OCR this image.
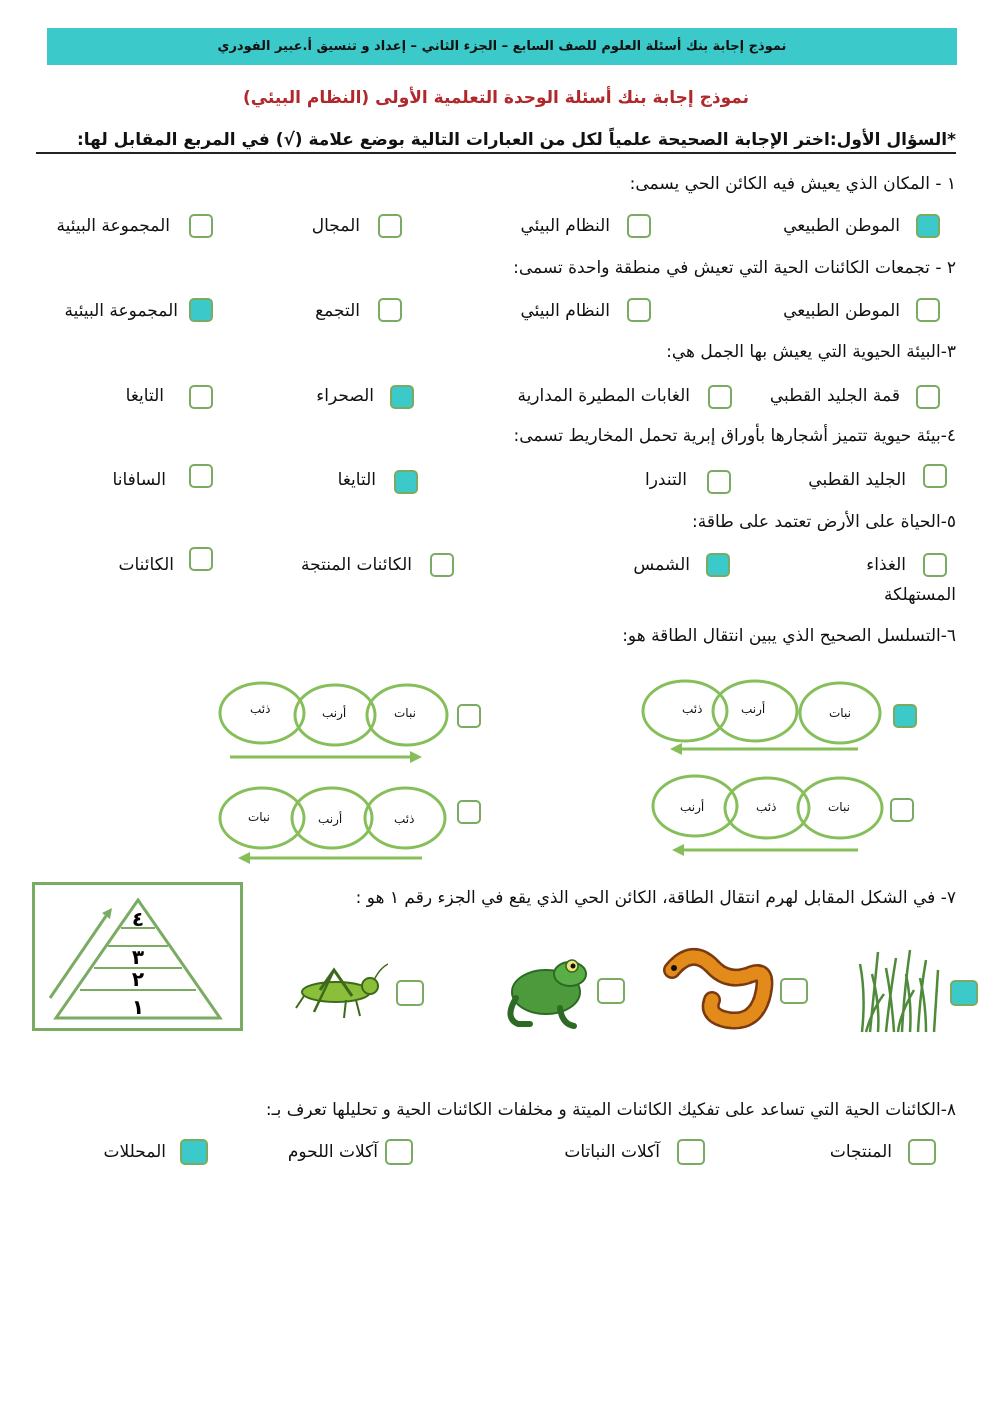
نموذج إجابة بنك أسئلة العلوم للصف السابع – الجزء الثاني – إعداد و تنسيق أ.عبير الفودري
نموذج إجابة بنك أسئلة الوحدة التعلمية الأولى (النظام البيئي)
*السؤال الأول:اختر الإجابة الصحيحة علمياً لكل من العبارات التالية بوضع علامة (√) في المربع المقابل لها:
١ - المكان الذي يعيش فيه الكائن الحي يسمى:
الموطن الطبيعي
النظام البيئي
المجال
المجموعة البيئية
٢ - تجمعات الكائنات الحية التي تعيش في منطقة واحدة تسمى:
الموطن الطبيعي
النظام البيئي
التجمع
المجموعة البيئية
٣-البيئة الحيوية التي يعيش بها الجمل هي:
قمة الجليد القطبي
الغابات المطيرة المدارية
الصحراء
التايغا
٤-بيئة حيوية تتميز أشجارها بأوراق إبرية تحمل المخاريط تسمى:
الجليد القطبي
التندرا
التايغا
السافانا
٥-الحياة على الأرض تعتمد على طاقة:
الغذاء
الشمس
الكائنات المنتجة
الكائنات
المستهلكة
٦-التسلسل الصحيح الذي يبين انتقال الطاقة هو:
نبات
أرنب
ذئب
نبات
أرنب
ذئب
نبات
ذئب
أرنب
ذئب
أرنب
نبات
٧- في الشكل المقابل لهرم انتقال الطاقة، الكائن الحي الذي يقع في الجزء رقم ١ هو :
٤
٣
٢
١
٨-الكائنات الحية التي تساعد على تفكيك الكائنات الميتة و مخلفات الكائنات الحية و تحليلها تعرف بـ:
المنتجات
آكلات النباتات
آكلات اللحوم
المحللات
